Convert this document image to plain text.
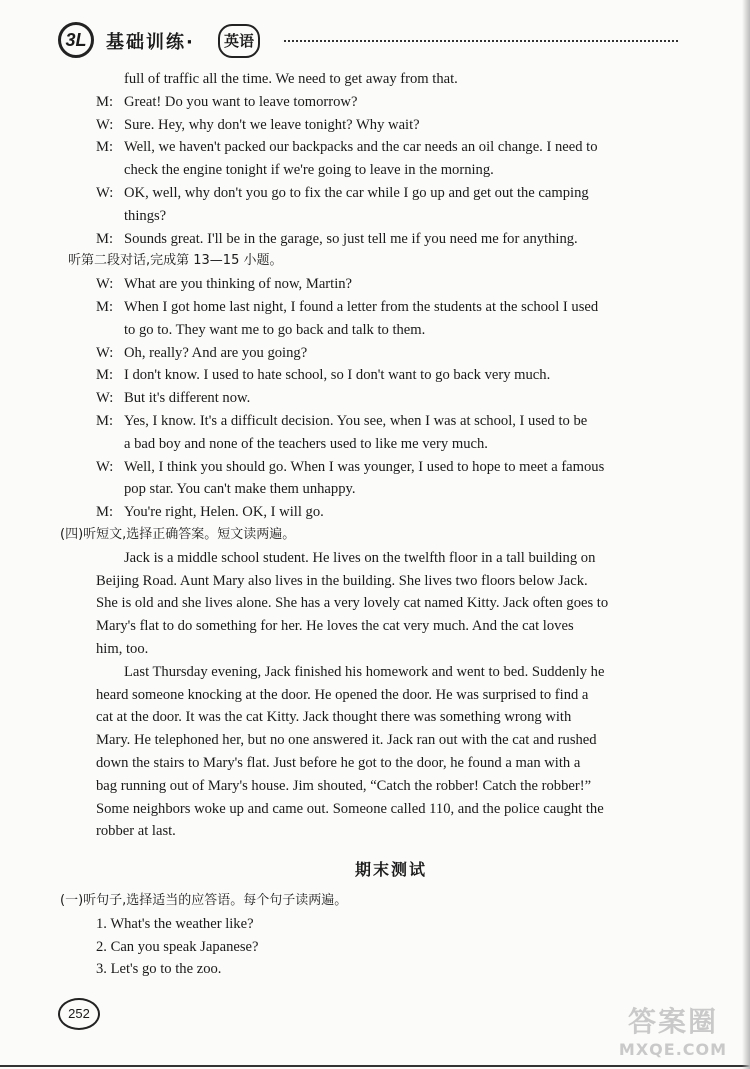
3L	基础训练·	英语
full of traffic all the time. We need to get away from that.
M: Great! Do you want to leave tomorrow?
W: Sure. Hey, why don't we leave tonight? Why wait?
M: Well, we haven't packed our backpacks and the car needs an oil change. I need to
check the engine tonight if we're going to leave in the morning.
W: OK, well, why don't you go to fix the car while I go up and get out the camping
things?
M: Sounds great. I'll be in the garage, so just tell me if you need me for anything.
听第二段对话,完成第 13—15 小题。
W: What are you thinking of now, Martin?
M: When I got home last night, I found a letter from the students at the school I used
to go to. They want me to go back and talk to them.
W: Oh, really? And are you going?
M: I don't know. I used to hate school, so I don't want to go back very much.
W: But it's different now.
M: Yes, I know. It's a difficult decision. You see, when I was at school, I used to be
a bad boy and none of the teachers used to like me very much.
W: Well, I think you should go. When I was younger, I used to hope to meet a famous
pop star. You can't make them unhappy.
M: You're right, Helen. OK, I will go.
(四)听短文,选择正确答案。短文读两遍。
Jack is a middle school student. He lives on the twelfth floor in a tall building on
Beijing Road. Aunt Mary also lives in the building. She lives two floors below Jack.
She is old and she lives alone. She has a very lovely cat named Kitty. Jack often goes to
Mary's flat to do something for her. He loves the cat very much. And the cat loves
him, too.
Last Thursday evening, Jack finished his homework and went to bed. Suddenly he
heard someone knocking at the door. He opened the door. He was surprised to find a
cat at the door. It was the cat Kitty. Jack thought there was something wrong with
Mary. He telephoned her, but no one answered it. Jack ran out with the cat and rushed
down the stairs to Mary's flat. Just before he got to the door, he found a man with a
bag running out of Mary's house. Jim shouted, “Catch the robber! Catch the robber!”
Some neighbors woke up and came out. Someone called 110, and the police caught the
robber at last.
期末测试
(一)听句子,选择适当的应答语。每个句子读两遍。
1. What's the weather like?
2. Can you speak Japanese?
3. Let's go to the zoo.
252	答案圈
MXQE.COM
